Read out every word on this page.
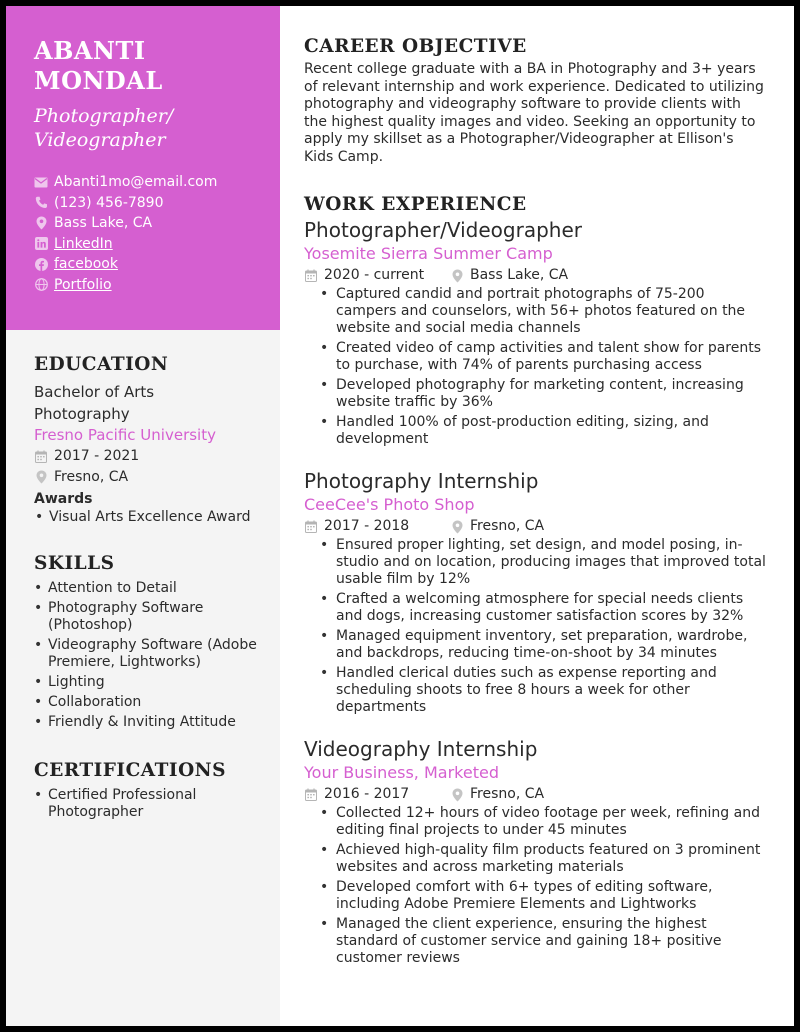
ABANTI
MONDAL
Photographer/
Videographer
Abanti1mo@email.com
(123) 456-7890
Bass Lake, CA
LinkedIn
facebook
Portfolio
EDUCATION

Bachelor of Arts

Photography

Fresno Pacific University

2017 - 2021
Fresno, CA
Awards
• Visual Arts Excellence Award
SKILLS
• Attention to Detail
• Photography Software (Photoshop)
• Videography Software (Adobe Premiere, Lightworks)
• Lighting
• Collaboration
• Friendly & Inviting Attitude
CERTIFICATIONS
• Certified Professional Photographer
CAREER OBJECTIVE

Recent college graduate with a BA in Photography and 3+ years of relevant internship and work experience. Dedicated to utilizing photography and videography software to provide clients with the highest quality images and video. Seeking an opportunity to apply my skillset as a Photographer/Videographer at Ellison's Kids Camp.

WORK EXPERIENCE
Photographer/Videographer
Yosemite Sierra Summer Camp
2020 - current	Bass Lake, CA
• Captured candid and portrait photographs of 75-200 campers and counselors, with 56+ photos featured on the website and social media channels
• Created video of camp activities and talent show for parents to purchase, with 74% of parents purchasing access
• Developed photography for marketing content, increasing website traffic by 36%
• Handled 100% of post-production editing, sizing, and development
Photography Internship
CeeCee's Photo Shop
2017 - 2018	Fresno, CA
• Ensured proper lighting, set design, and model posing, in-studio and on location, producing images that improved total usable film by 12%
• Crafted a welcoming atmosphere for special needs clients and dogs, increasing customer satisfaction scores by 32%
• Managed equipment inventory, set preparation, wardrobe, and backdrops, reducing time-on-shoot by 34 minutes
• Handled clerical duties such as expense reporting and scheduling shoots to free 8 hours a week for other departments
Videography Internship
Your Business, Marketed
2016 - 2017	Fresno, CA
• Collected 12+ hours of video footage per week, refining and editing final projects to under 45 minutes
• Achieved high-quality film products featured on 3 prominent websites and across marketing materials
• Developed comfort with 6+ types of editing software, including Adobe Premiere Elements and Lightworks
• Managed the client experience, ensuring the highest standard of customer service and gaining 18+ positive customer reviews
